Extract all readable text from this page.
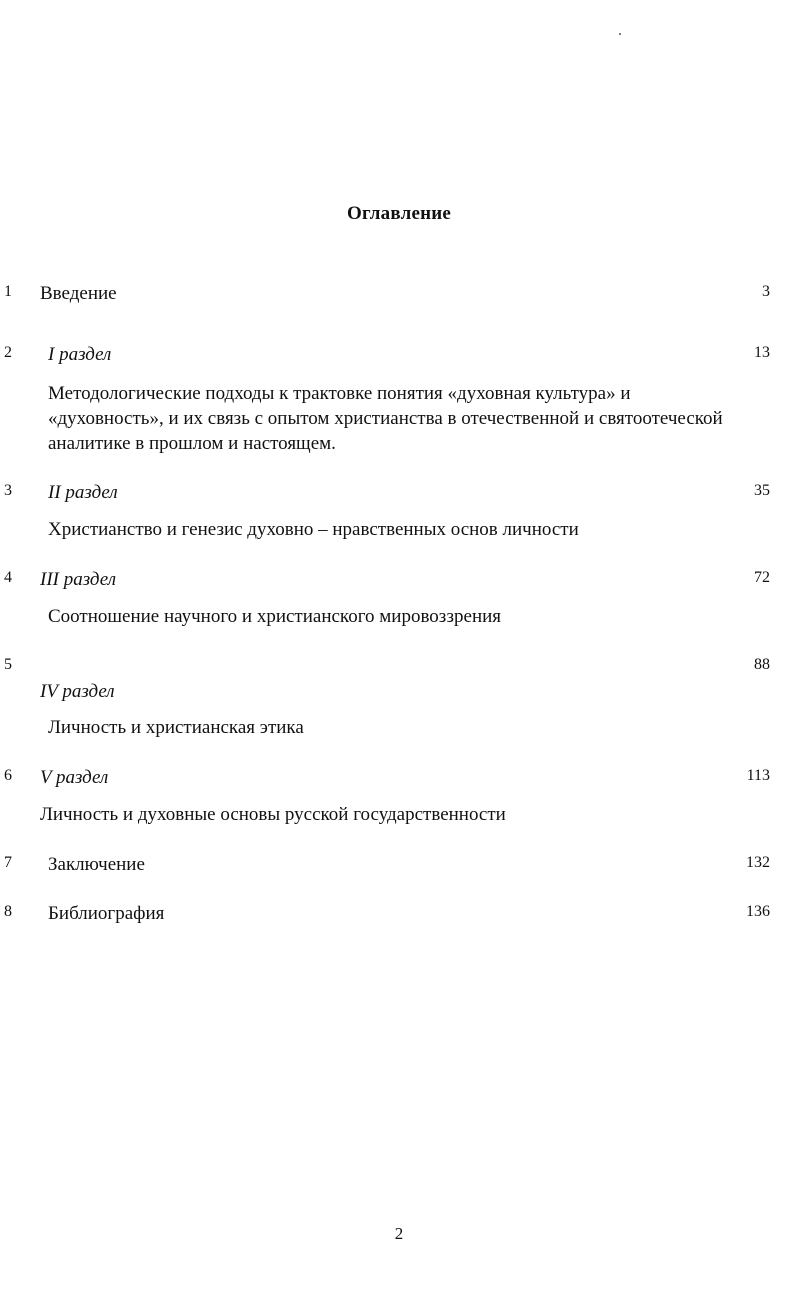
Оглавление
1 Введение	3
2 I раздел	13
Методологические подходы к трактовке понятия «духовная культура» и «духовность», и их связь с опытом христианства в отечественной и святоотеческой аналитике в прошлом и настоящем.
3 II раздел	35
Христианство и генезис духовно – нравственных основ личности
4 III раздел	72
Соотношение научного и христианского мировоззрения
5	88
IV раздел
Личность и христианская этика
6 V раздел	113
Личность и духовные основы русской государственности
7 Заключение	132
8 Библиография	136
2
